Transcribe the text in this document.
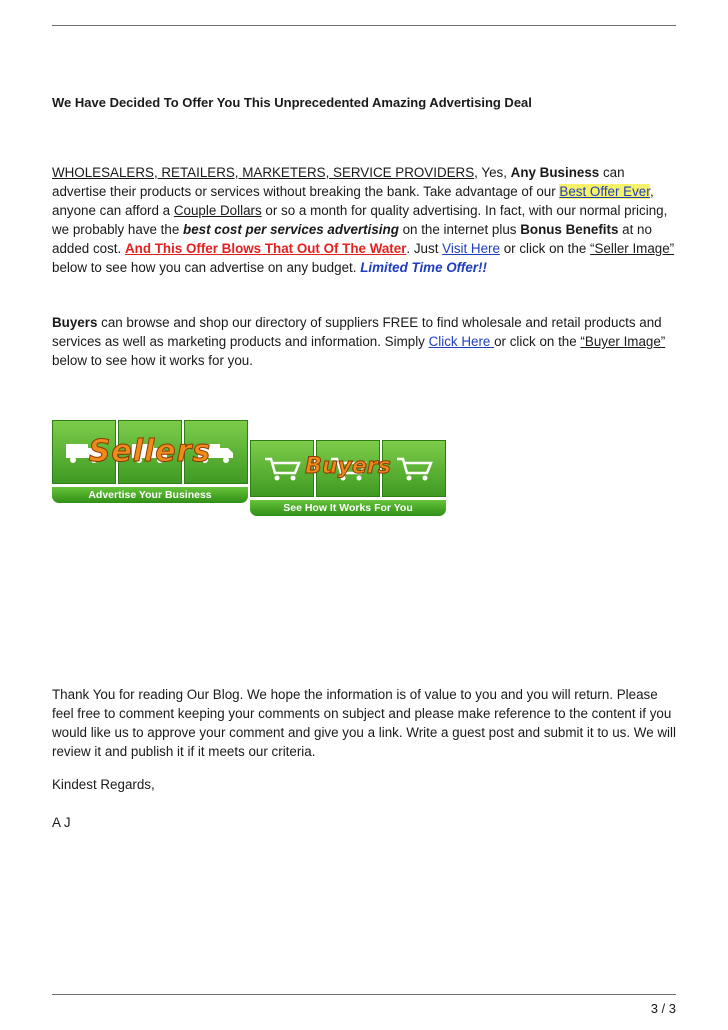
We Have Decided To Offer You This Unprecedented Amazing Advertising Deal

WHOLESALERS, RETAILERS, MARKETERS, SERVICE PROVIDERS, Yes, Any Business can advertise their products or services without breaking the bank. Take advantage of our Best Offer Ever, anyone can afford a Couple Dollars or so a month for quality advertising. In fact, with our normal pricing, we probably have the best cost per services advertising on the internet plus Bonus Benefits at no added cost. And This Offer Blows That Out Of The Water. Just Visit Here or click on the “Seller Image” below to see how you can advertise on any budget. Limited Time Offer!!

Buyers can browse and shop our directory of suppliers FREE to find wholesale and retail products and services as well as marketing products and information. Simply Click Here or click on the “Buyer Image” below to see how it works for you.

Sellers
Advertise Your Business
Buyers
See How It Works For You

Thank You for reading Our Blog. We hope the information is of value to you and you will return. Please feel free to comment keeping your comments on subject and please make reference to the content if you would like us to approve your comment and give you a link. Write a guest post and submit it to us. We will review it and publish it if it meets our criteria.

Kindest Regards,

A J

3 / 3
